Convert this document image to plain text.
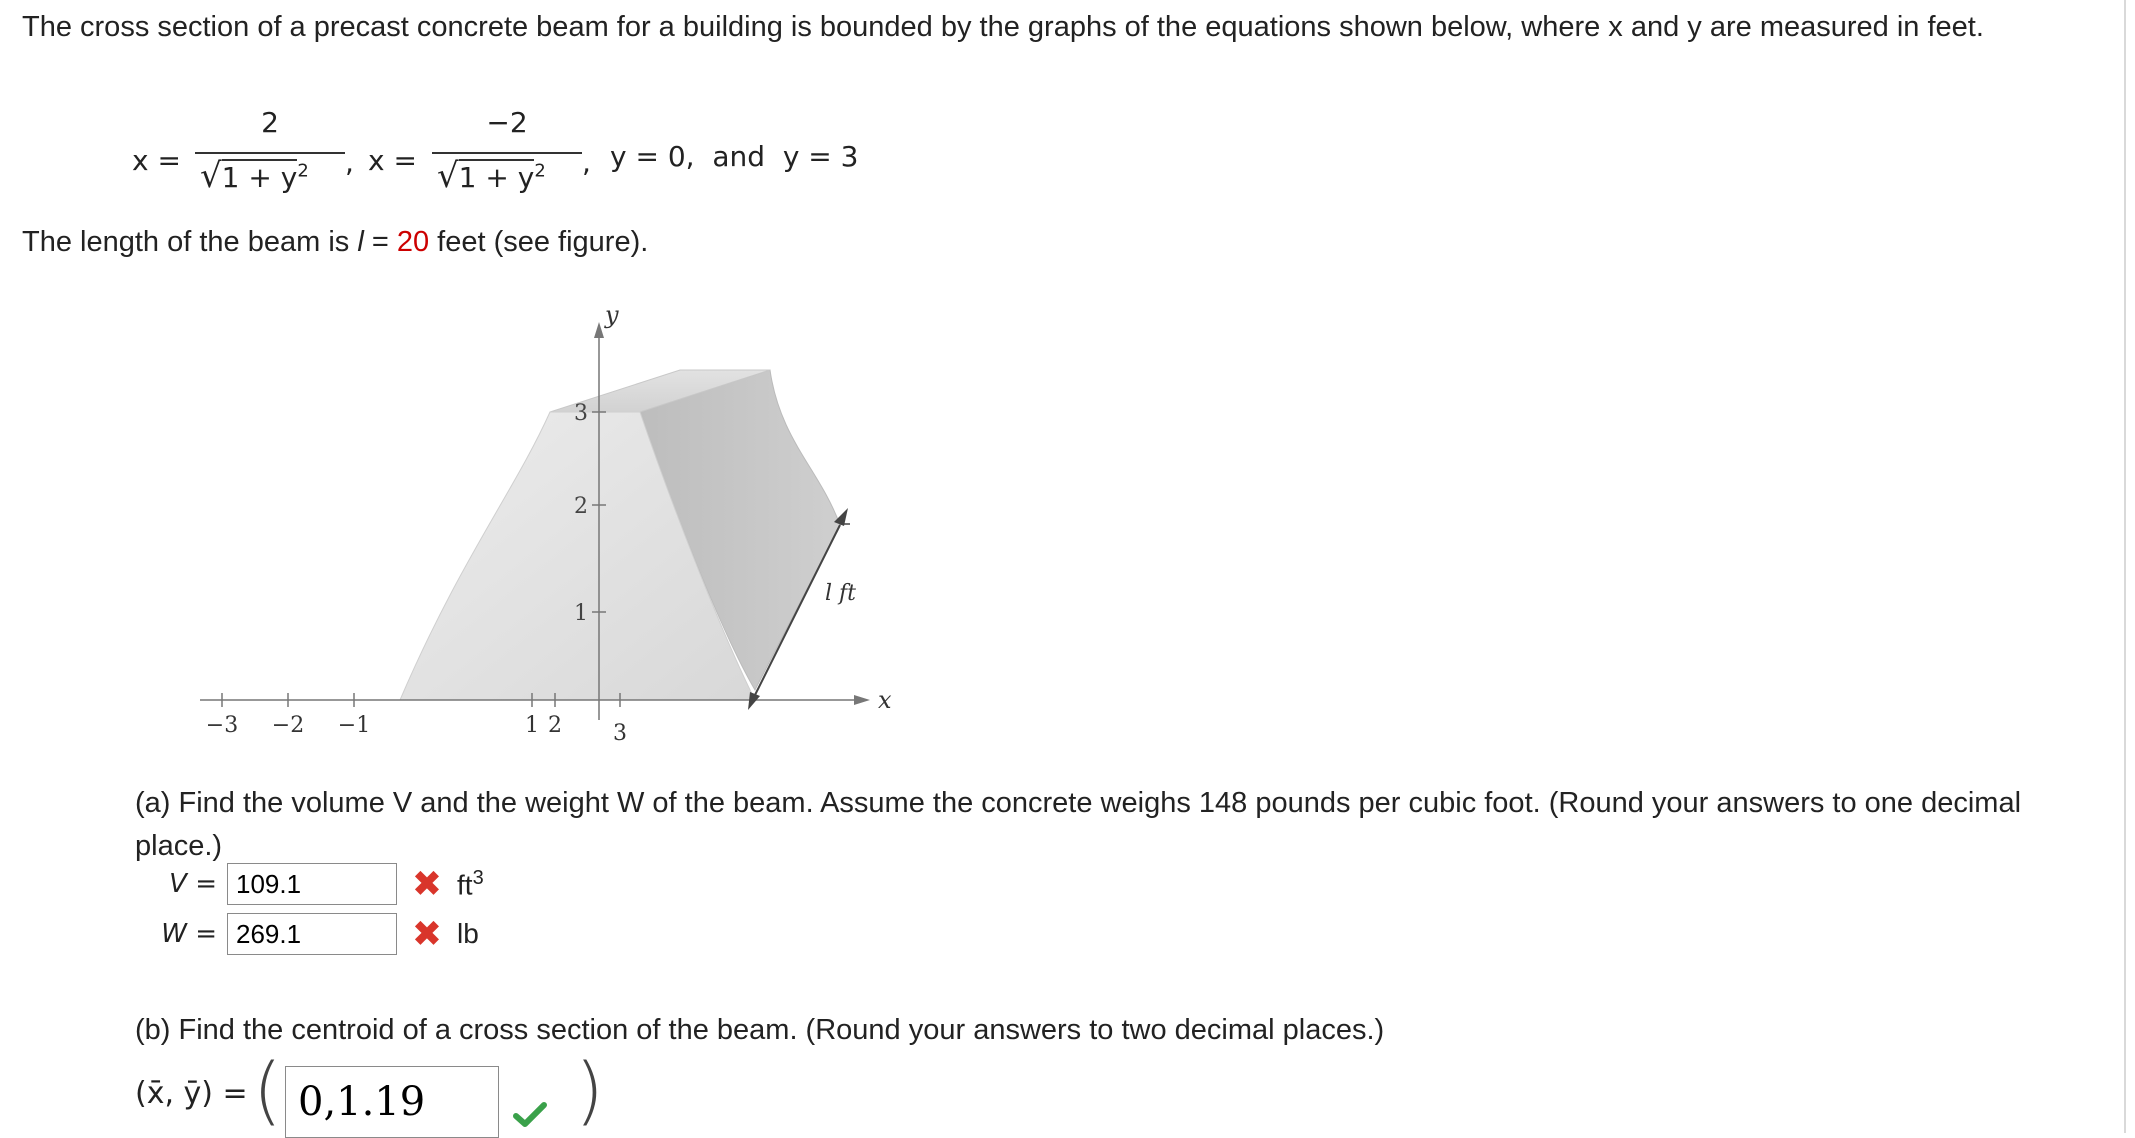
The cross section of a precast concrete beam for a building is bounded by the graphs of the equations shown below, where x and y are measured in feet.
x =
2
$√1 + y^2$ , x =
−2
$√1 + y^2$ , y = 0,  and  y = 3
The length of the beam is l = 20 feet (see figure).
y
x
1
2
3
−3 −2 −1	1 2 3
l ft
(a) Find the volume V and the weight W of the beam. Assume the concrete weighs 148 pounds per cubic foot. (Round your answers to one decimal place.)
V =
109.1	✖ $ft^3$
W =
269.1	✖ lb
(b) Find the centroid of a cross section of the beam. (Round your answers to two decimal places.)
(x̄, ȳ) = (
0,1.19	)
